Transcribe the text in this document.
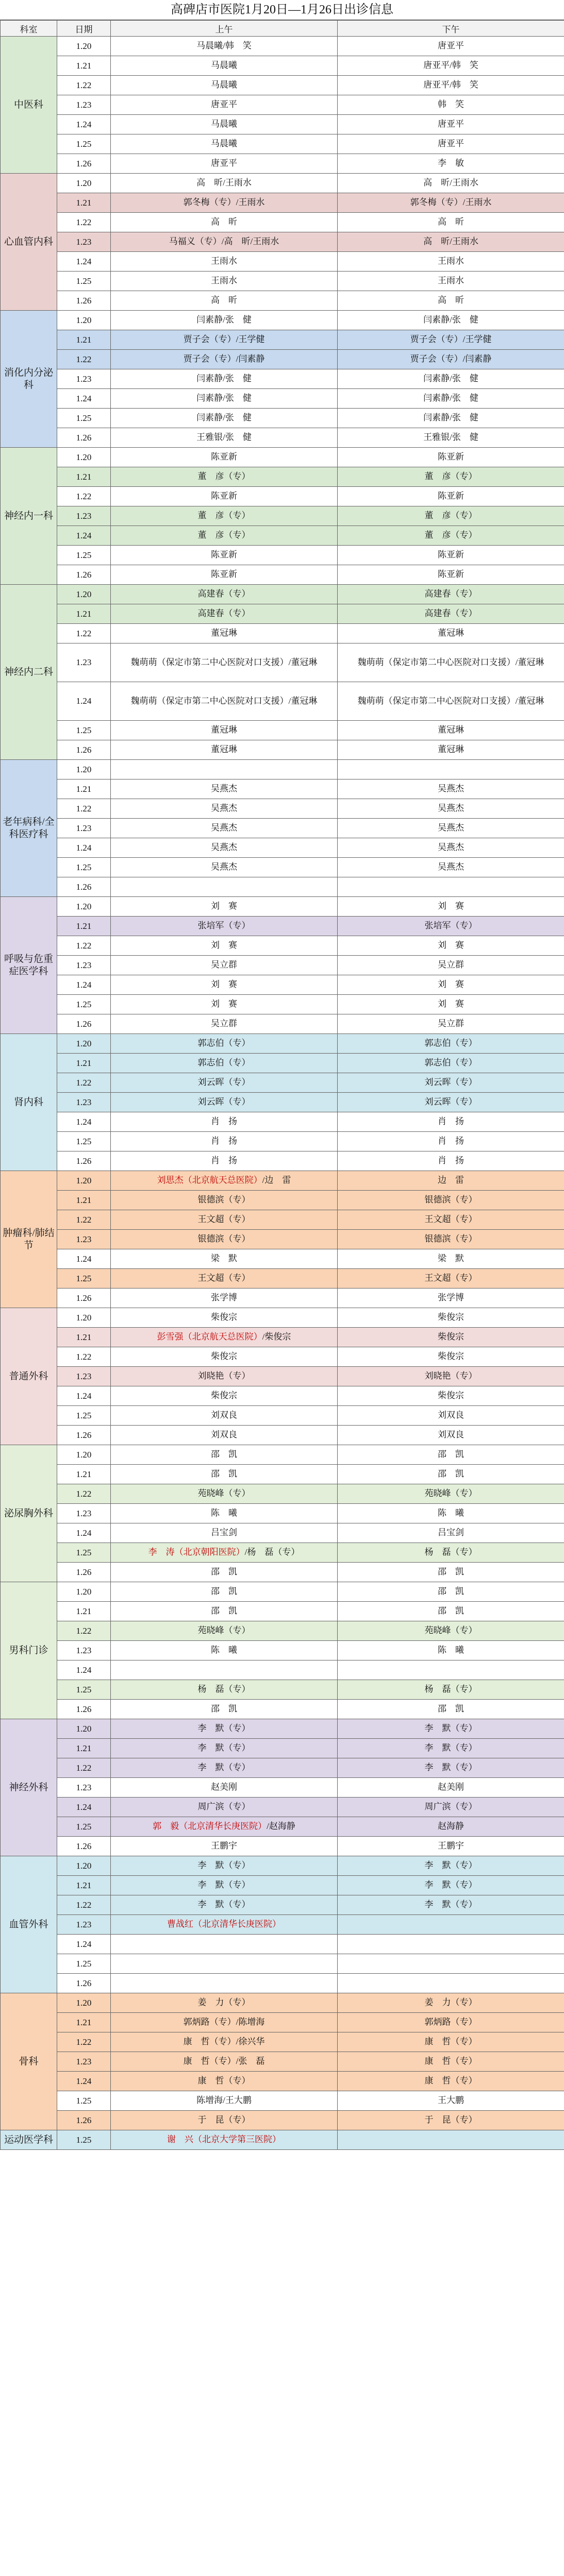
高碑店市医院1月20日—1月26日出诊信息
科室	日期	上午	下午
中医科	1.20	马晨曦/韩　笑	唐亚平
	1.21	马晨曦	唐亚平/韩　笑
	1.22	马晨曦	唐亚平/韩　笑
	1.23	唐亚平	韩　笑
	1.24	马晨曦	唐亚平
	1.25	马晨曦	唐亚平
	1.26	唐亚平	李　敏
心血管内科	1.20	高　昕/王雨水	高　昕/王雨水
	1.21	郭冬梅（专）/王雨水	郭冬梅（专）/王雨水
	1.22	高　昕	高　昕
	1.23	马福义（专）/高　昕/王雨水	高　昕/王雨水
	1.24	王雨水	王雨水
	1.25	王雨水	王雨水
	1.26	高　昕	高　昕
消化内分泌科	1.20	闫素静/张　健	闫素静/张　健
	1.21	贾子会（专）/王学健	贾子会（专）/王学健
	1.22	贾子会（专）/闫素静	贾子会（专）/闫素静
	1.23	闫素静/张　健	闫素静/张　健
	1.24	闫素静/张　健	闫素静/张　健
	1.25	闫素静/张　健	闫素静/张　健
	1.26	王雅银/张　健	王雅银/张　健
神经内一科	1.20	陈亚新	陈亚新
	1.21	董　彦（专）	董　彦（专）
	1.22	陈亚新	陈亚新
	1.23	董　彦（专）	董　彦（专）
	1.24	董　彦（专）	董　彦（专）
	1.25	陈亚新	陈亚新
	1.26	陈亚新	陈亚新
神经内二科	1.20	高建春（专）	高建春（专）
	1.21	高建春（专）	高建春（专）
	1.22	董冠琳	董冠琳
	1.23	魏萌萌（保定市第二中心医院对口支援）/董冠琳	魏萌萌（保定市第二中心医院对口支援）/董冠琳
	1.24	魏萌萌（保定市第二中心医院对口支援）/董冠琳	魏萌萌（保定市第二中心医院对口支援）/董冠琳
	1.25	董冠琳	董冠琳
	1.26	董冠琳	董冠琳
老年病科/全科医疗科	1.20		
	1.21	吴燕杰	吴燕杰
	1.22	吴燕杰	吴燕杰
	1.23	吴燕杰	吴燕杰
	1.24	吴燕杰	吴燕杰
	1.25	吴燕杰	吴燕杰
	1.26		
呼吸与危重症医学科	1.20	刘　赛	刘　赛
	1.21	张培军（专）	张培军（专）
	1.22	刘　赛	刘　赛
	1.23	吴立群	吴立群
	1.24	刘　赛	刘　赛
	1.25	刘　赛	刘　赛
	1.26	吴立群	吴立群
肾内科	1.20	郭志伯（专）	郭志伯（专）
	1.21	郭志伯（专）	郭志伯（专）
	1.22	刘云晖（专）	刘云晖（专）
	1.23	刘云晖（专）	刘云晖（专）
	1.24	肖　扬	肖　扬
	1.25	肖　扬	肖　扬
	1.26	肖　扬	肖　扬
肿瘤科/肺结节	1.20	刘思杰（北京航天总医院）/边　雷	边　雷
	1.21	银德滨（专）	银德滨（专）
	1.22	王文超（专）	王文超（专）
	1.23	银德滨（专）	银德滨（专）
	1.24	梁　默	梁　默
	1.25	王文超（专）	王文超（专）
	1.26	张学博	张学博
普通外科	1.20	柴俊宗	柴俊宗
	1.21	彭雪强（北京航天总医院）/柴俊宗	柴俊宗
	1.22	柴俊宗	柴俊宗
	1.23	刘晓艳（专）	刘晓艳（专）
	1.24	柴俊宗	柴俊宗
	1.25	刘双良	刘双良
	1.26	刘双良	刘双良
泌尿胸外科	1.20	邵　凯	邵　凯
	1.21	邵　凯	邵　凯
	1.22	苑晓峰（专）	苑晓峰（专）
	1.23	陈　曦	陈　曦
	1.24	吕宝剑	吕宝剑
	1.25	李　涛（北京朝阳医院）/杨　磊（专）	杨　磊（专）
	1.26	邵　凯	邵　凯
男科门诊	1.20	邵　凯	邵　凯
	1.21	邵　凯	邵　凯
	1.22	苑晓峰（专）	苑晓峰（专）
	1.23	陈　曦	陈　曦
	1.24		
	1.25	杨　磊（专）	杨　磊（专）
	1.26	邵　凯	邵　凯
神经外科	1.20	李　默（专）	李　默（专）
	1.21	李　默（专）	李　默（专）
	1.22	李　默（专）	李　默（专）
	1.23	赵美刚	赵美刚
	1.24	周广滨（专）	周广滨（专）
	1.25	郭　毅（北京清华长庚医院）/赵海静	赵海静
	1.26	王鹏宇	王鹏宇
血管外科	1.20	李　默（专）	李　默（专）
	1.21	李　默（专）	李　默（专）
	1.22	李　默（专）	李　默（专）
	1.23	曹战红（北京清华长庚医院）	
	1.24		
	1.25		
	1.26		
骨科	1.20	姜　力（专）	姜　力（专）
	1.21	郭炳路（专）/陈增海	郭炳路（专）
	1.22	康　哲（专）/徐兴华	康　哲（专）
	1.23	康　哲（专）/张　磊	康　哲（专）
	1.24	康　哲（专）	康　哲（专）
	1.25	陈增海/王大鹏	王大鹏
	1.26	于　昆（专）	于　昆（专）
运动医学科	1.25	谢　兴（北京大学第三医院）	
